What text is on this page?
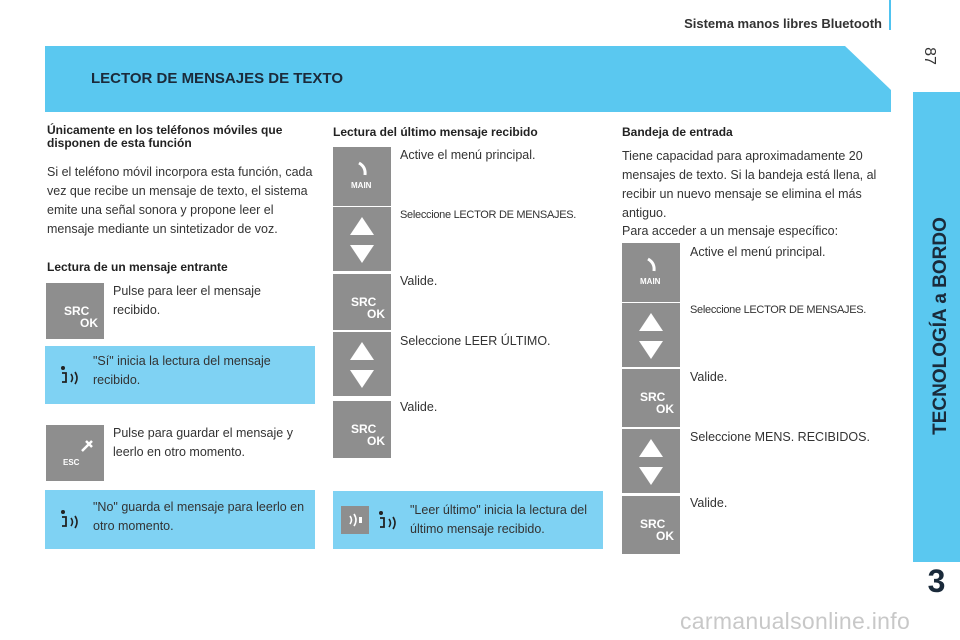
Sistema manos libres Bluetooth
87
LECTOR DE MENSAJES DE TEXTO
TECNOLOGÍA a BORDO
3
Únicamente en los teléfonos móviles que disponen de esta función
Si el teléfono móvil incorpora esta función, cada vez que recibe un mensaje de texto, el sistema emite una señal sonora y propone leer el mensaje mediante un sintetizador de voz.
Lectura de un mensaje entrante
SRC
OK
Pulse para leer el mensaje recibido.
"Sí" inicia la lectura del mensaje recibido.
ESC
Pulse para guardar el mensaje y leerlo en otro momento.
"No" guarda el mensaje para leerlo en otro momento.
Lectura del último mensaje recibido
MAIN
Active el menú principal.
Seleccione LECTOR DE MENSAJES.
SRC
OK
Valide.
Seleccione LEER ÚLTIMO.
SRC
OK
Valide.
"Leer último" inicia la lectura del último mensaje recibido.
Bandeja de entrada
Tiene capacidad para aproximadamente 20 mensajes de texto. Si la bandeja está llena, al recibir un nuevo mensaje se elimina el más antiguo.
Para acceder a un mensaje específico:
MAIN
Active el menú principal.
Seleccione LECTOR DE MENSAJES.
SRC
OK
Valide.
Seleccione MENS. RECIBIDOS.
SRC
OK
Valide.
carmanualsonline.info
